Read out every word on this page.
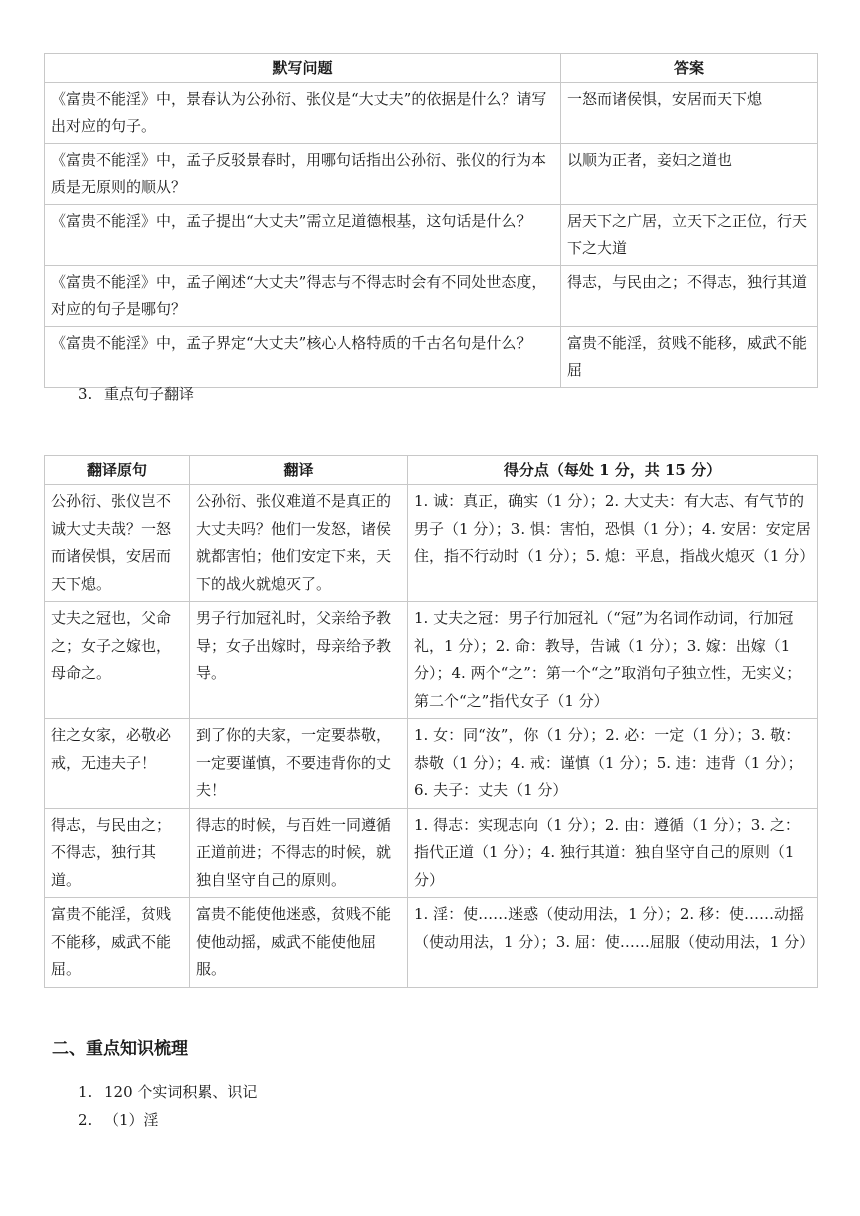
默写问题	答案
《富贵不能淫》中，景春认为公孙衍、张仪是“大丈夫”的依据是什么？请写出对应的句子。	一怒而诸侯惧，安居而天下熄
《富贵不能淫》中，孟子反驳景春时，用哪句话指出公孙衍、张仪的行为本质是无原则的顺从？	以顺为正者，妾妇之道也
《富贵不能淫》中，孟子提出“大丈夫”需立足道德根基，这句话是什么？	居天下之广居，立天下之正位，行天下之大道
《富贵不能淫》中，孟子阐述“大丈夫”得志与不得志时会有不同处世态度，对应的句子是哪句？	得志，与民由之；不得志，独行其道
《富贵不能淫》中，孟子界定“大丈夫”核心人格特质的千古名句是什么？	富贵不能淫，贫贱不能移，威武不能屈
3. 重点句子翻译
翻译原句	翻译	得分点（每处 1 分，共 15 分）
公孙衍、张仪岂不诚大丈夫哉？一怒而诸侯惧，安居而天下熄。	公孙衍、张仪难道不是真正的大丈夫吗？他们一发怒，诸侯就都害怕；他们安定下来，天下的战火就熄灭了。	1. 诚：真正，确实（1 分）；2. 大丈夫：有大志、有气节的男子（1 分）；3. 惧：害怕，恐惧（1 分）；4. 安居：安定居住，指不行动时（1 分）；5. 熄：平息，指战火熄灭（1 分）
丈夫之冠也，父命之；女子之嫁也，母命之。	男子行加冠礼时，父亲给予教导；女子出嫁时，母亲给予教导。	1. 丈夫之冠：男子行加冠礼（“冠”为名词作动词，行加冠礼，1 分）；2. 命：教导，告诫（1 分）；3. 嫁：出嫁（1 分）；4. 两个“之”：第一个“之”取消句子独立性，无实义；第二个“之”指代女子（1 分）
往之女家，必敬必戒，无违夫子！	到了你的夫家，一定要恭敬，一定要谨慎，不要违背你的丈夫！	1. 女：同“汝”，你（1 分）；2. 必：一定（1 分）；3. 敬：恭敬（1 分）；4. 戒：谨慎（1 分）；5. 违：违背（1 分）；6. 夫子：丈夫（1 分）
得志，与民由之；不得志，独行其道。	得志的时候，与百姓一同遵循正道前进；不得志的时候，就独自坚守自己的原则。	1. 得志：实现志向（1 分）；2. 由：遵循（1 分）；3. 之：指代正道（1 分）；4. 独行其道：独自坚守自己的原则（1 分）
富贵不能淫，贫贱不能移，威武不能屈。	富贵不能使他迷惑，贫贱不能使他动摇，威武不能使他屈服。	1. 淫：使……迷惑（使动用法，1 分）；2. 移：使……动摇（使动用法，1 分）；3. 屈：使……屈服（使动用法，1 分）
二、重点知识梳理
1. 120 个实词积累、识记
2. （1）淫
